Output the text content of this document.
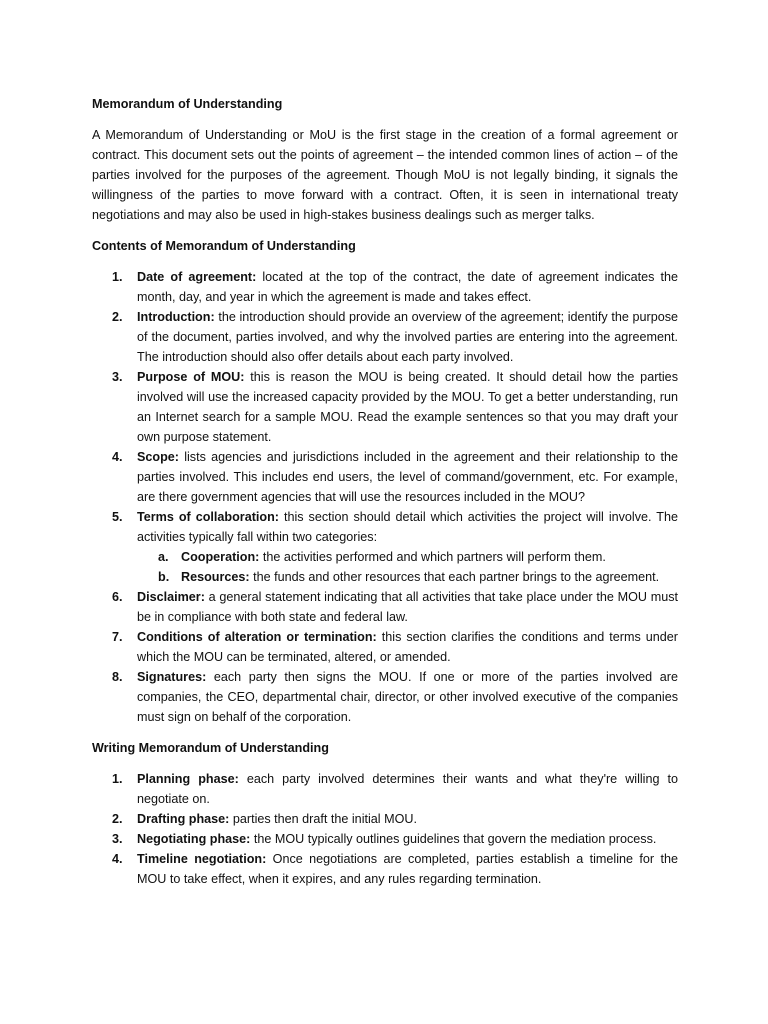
Memorandum of Understanding

A Memorandum of Understanding or MoU is the first stage in the creation of a formal agreement or contract. This document sets out the points of agreement – the intended common lines of action – of the parties involved for the purposes of the agreement. Though MoU is not legally binding, it signals the willingness of the parties to move forward with a contract. Often, it is seen in international treaty negotiations and may also be used in high-stakes business dealings such as merger talks.

Contents of Memorandum of Understanding

1. Date of agreement: located at the top of the contract, the date of agreement indicates the month, day, and year in which the agreement is made and takes effect.
2. Introduction: the introduction should provide an overview of the agreement; identify the purpose of the document, parties involved, and why the involved parties are entering into the agreement. The introduction should also offer details about each party involved.
3. Purpose of MOU: this is reason the MOU is being created. It should detail how the parties involved will use the increased capacity provided by the MOU. To get a better understanding, run an Internet search for a sample MOU. Read the example sentences so that you may draft your own purpose statement.
4. Scope: lists agencies and jurisdictions included in the agreement and their relationship to the parties involved. This includes end users, the level of command/government, etc. For example, are there government agencies that will use the resources included in the MOU?
5. Terms of collaboration: this section should detail which activities the project will involve. The activities typically fall within two categories:
a. Cooperation: the activities performed and which partners will perform them.
b. Resources: the funds and other resources that each partner brings to the agreement.
6. Disclaimer: a general statement indicating that all activities that take place under the MOU must be in compliance with both state and federal law.
7. Conditions of alteration or termination: this section clarifies the conditions and terms under which the MOU can be terminated, altered, or amended.
8. Signatures: each party then signs the MOU. If one or more of the parties involved are companies, the CEO, departmental chair, director, or other involved executive of the companies must sign on behalf of the corporation.

Writing Memorandum of Understanding

1. Planning phase: each party involved determines their wants and what they're willing to negotiate on.
2. Drafting phase: parties then draft the initial MOU.
3. Negotiating phase: the MOU typically outlines guidelines that govern the mediation process.
4. Timeline negotiation: Once negotiations are completed, parties establish a timeline for the MOU to take effect, when it expires, and any rules regarding termination.
